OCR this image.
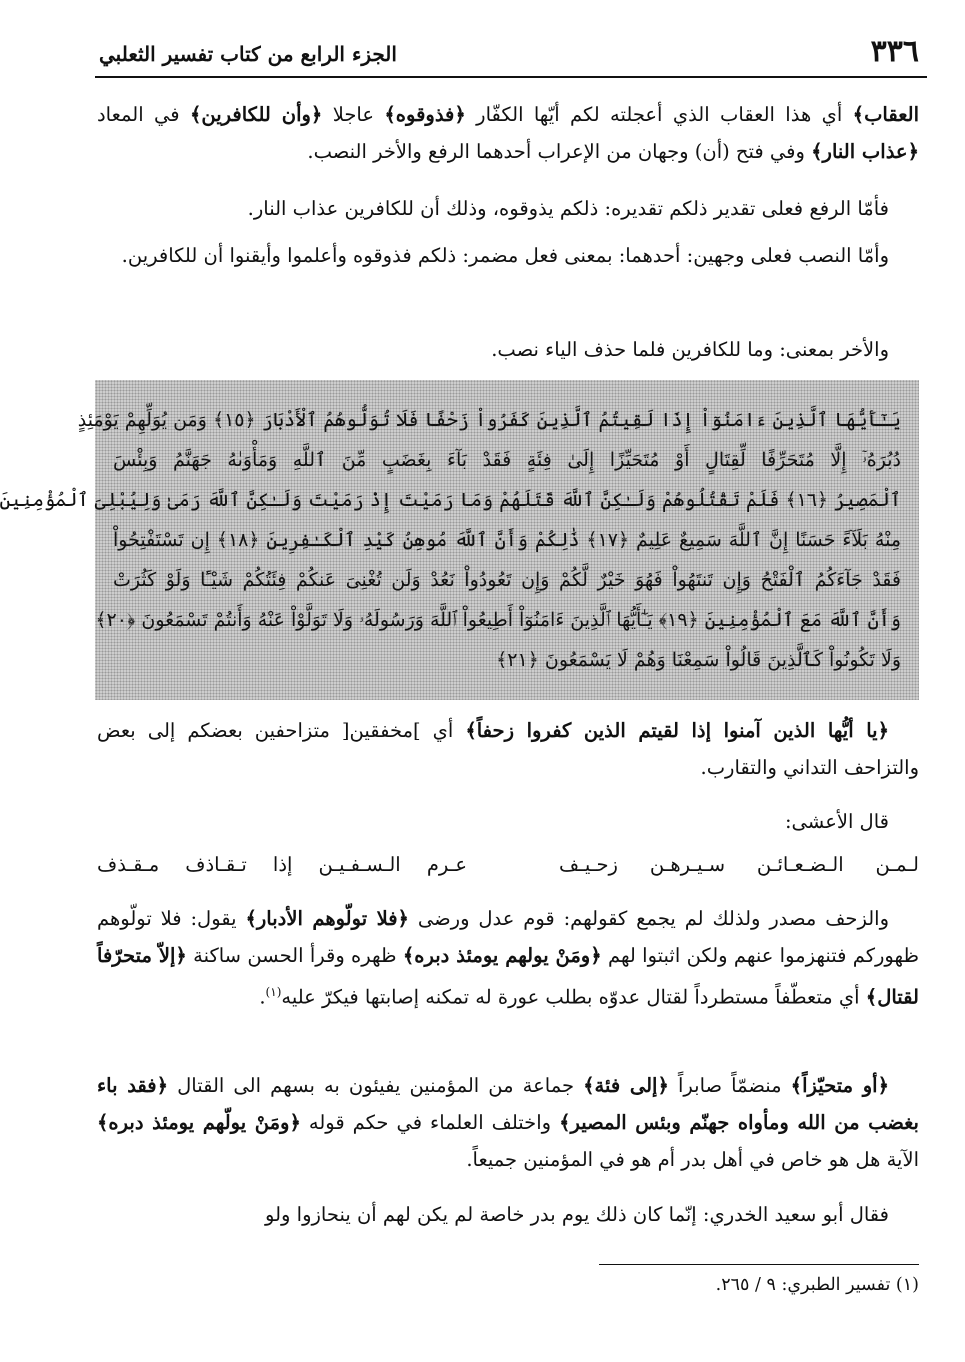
٣٣٦
الجزء الرابع من كتاب تفسير الثعلبي

العقاب﴾ أي هذا العقاب الذي أعجلته لكم أيّها الكفّار ﴿فذوقوه﴾ عاجلا ﴿وأن للكافرين﴾ في المعاد ﴿عذاب النار﴾ وفي فتح (أن) وجهان من الإعراب أحدهما الرفع والأخر النصب.

فأمّا الرفع فعلى تقدير ذلكم تقديره: ذلكم يذوقوه، وذلك أن للكافرين عذاب النار.

وأمّا النصب فعلى وجهين: أحدهما: بمعنى فعل مضمر: ذلكم فذوقوه وأعلموا وأيقنوا أن للكافرين.

والأخر بمعنى: وما للكافرين فلما حذف الياء نصب.

يَـٰٓأَيُّهَا ٱلَّذِينَ ءَامَنُوٓاْ إِذَا لَقِيتُمُ ٱلَّذِينَ كَفَرُواْ زَحْفًا فَلَا تُوَلُّوهُمُ ٱلْأَدْبَارَ ﴿١٥﴾ وَمَن يُوَلِّهِمْ يَوْمَئِذٍ

دُبُرَهُۥٓ إِلَّا مُتَحَرِّفًا لِّقِتَالٍ أَوْ مُتَحَيِّزًا إِلَىٰ فِئَةٍ فَقَدْ بَآءَ بِغَضَبٍ مِّنَ ٱللَّهِ وَمَأْوَىٰهُ جَهَنَّمُ وَبِئْسَ

ٱلْمَصِيرُ ﴿١٦﴾ فَلَمْ تَقْتُلُوهُمْ وَلَـٰكِنَّ ٱللَّهَ قَتَلَهُمْ وَمَا رَمَيْتَ إِذْ رَمَيْتَ وَلَـٰكِنَّ ٱللَّهَ رَمَىٰ وَلِيُبْلِىَ ٱلْمُؤْمِنِينَ

مِنْهُ بَلَآءً حَسَنًا إِنَّ ٱللَّهَ سَمِيعٌ عَلِيمٌ ﴿١٧﴾ ذَٰلِكُمْ وَأَنَّ ٱللَّهَ مُوهِنُ كَيْدِ ٱلْكَـٰفِرِينَ ﴿١٨﴾ إِن تَسْتَفْتِحُواْ

فَقَدْ جَآءَكُمُ ٱلْفَتْحُ وَإِن تَنتَهُواْ فَهُوَ خَيْرٌ لَّكُمْ وَإِن تَعُودُواْ نَعُدْ وَلَن تُغْنِىَ عَنكُمْ فِئَتُكُمْ شَيْـًٔا وَلَوْ كَثُرَتْ

وَأَنَّ ٱللَّهَ مَعَ ٱلْمُؤْمِنِينَ ﴿١٩﴾ يَـٰٓأَيُّهَا ٱلَّذِينَ ءَامَنُوٓاْ أَطِيعُواْ ٱللَّهَ وَرَسُولَهُۥ وَلَا تَوَلَّوْاْ عَنْهُ وَأَنتُمْ تَسْمَعُونَ ﴿٢٠﴾

وَلَا تَكُونُواْ كَٱلَّذِينَ قَالُواْ سَمِعْنَا وَهُمْ لَا يَسْمَعُونَ ﴿٢١﴾

﴿يا أيُّها الذين آمنوا إذا لقيتم الذين كفروا زحفاً﴾ أي ]مخفقين[ متزاحفين بعضكم إلى بعض والتزاحف التداني والتقارب.

قال الأعشى:

لـمـن الـضـعـائـن سـيـرهـن زحـيـف
عـرم الـسـفـيـن إذا تـقـاذف مـقـذف

والزحف مصدر ولذلك لم يجمع كقولهم: قوم عدل ورضى ﴿فلا تولّوهم الأدبار﴾ يقول: فلا تولّوهم ظهوركم فتنهزموا عنهم ولكن اثبتوا لهم ﴿ومَنْ يولهم يومئذ دبره﴾ ظهره وقرأ الحسن ساكنة ﴿إلاّ متحرّفاً لقتال﴾ أي متعطّفاً مستطرداً لقتال عدوّه بطلب عورة له تمكنه إصابتها فيكرّ عليه$^{(١)}$.

﴿أو متحيّزاً﴾ منضمّاً صابراً ﴿إلى فئة﴾ جماعة من المؤمنين يفيئون به بسهم الى القتال ﴿فقد باء بغضب من الله ومأواه جهنّم وبئس المصير﴾ واختلف العلماء في حكم قوله ﴿ومَنْ يولّهم يومئذ دبره﴾ الآية هل هو خاص في أهل بدر أم هو في المؤمنين جميعاً.

فقال أبو سعيد الخدري: إنّما كان ذلك يوم بدر خاصة لم يكن لهم أن ينحازوا ولو

(١) تفسير الطبري: ٩ / ٢٦٥.
